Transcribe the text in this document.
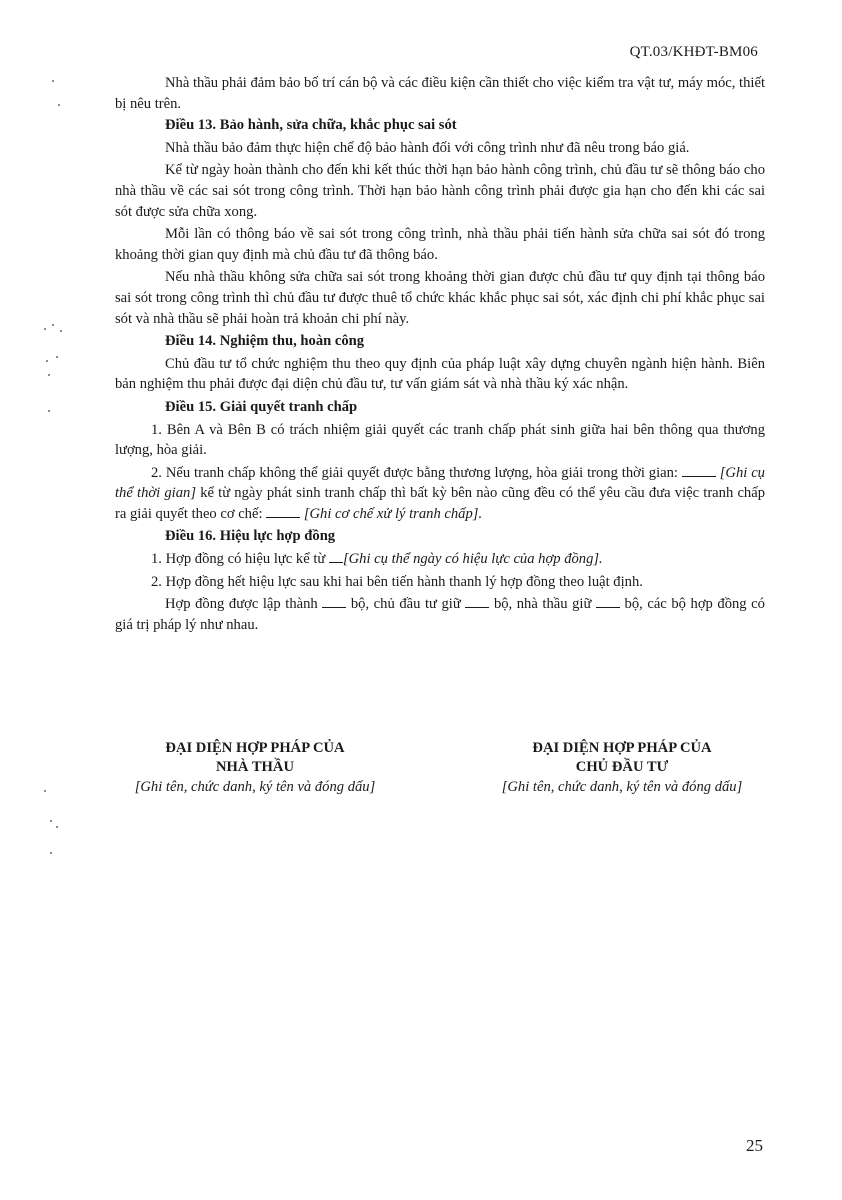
QT.03/KHĐT-BM06

Nhà thầu phải đảm bảo bố trí cán bộ và các điều kiện cần thiết cho việc kiểm tra vật tư, máy móc, thiết bị nêu trên.

Điều 13. Bảo hành, sửa chữa, khắc phục sai sót

Nhà thầu bảo đảm thực hiện chế độ bảo hành đối với công trình như đã nêu trong báo giá.

Kể từ ngày hoàn thành cho đến khi kết thúc thời hạn bảo hành công trình, chủ đầu tư sẽ thông báo cho nhà thầu về các sai sót trong công trình. Thời hạn bảo hành công trình phải được gia hạn cho đến khi các sai sót được sửa chữa xong.

Mỗi lần có thông báo về sai sót trong công trình, nhà thầu phải tiến hành sửa chữa sai sót đó trong khoảng thời gian quy định mà chủ đầu tư đã thông báo.

Nếu nhà thầu không sửa chữa sai sót trong khoảng thời gian được chủ đầu tư quy định tại thông báo sai sót trong công trình thì chủ đầu tư được thuê tổ chức khác khắc phục sai sót, xác định chi phí khắc phục sai sót và nhà thầu sẽ phải hoàn trả khoản chi phí này.

Điều 14. Nghiệm thu, hoàn công

Chủ đầu tư tổ chức nghiệm thu theo quy định của pháp luật xây dựng chuyên ngành hiện hành. Biên bản nghiệm thu phải được đại diện chủ đầu tư, tư vấn giám sát và nhà thầu ký xác nhận.

Điều 15. Giải quyết tranh chấp

1. Bên A và Bên B có trách nhiệm giải quyết các tranh chấp phát sinh giữa hai bên thông qua thương lượng, hòa giải.

2. Nếu tranh chấp không thể giải quyết được bằng thương lượng, hòa giải trong thời gian:	[Ghi cụ thể thời gian] kể từ ngày phát sinh tranh chấp thì bất kỳ bên nào cũng đều có thể yêu cầu đưa việc tranh chấp ra giải quyết theo cơ chế:	[Ghi cơ chế xử lý tranh chấp].

Điều 16. Hiệu lực hợp đồng

1. Hợp đồng có hiệu lực kể từ [Ghi cụ thể ngày có hiệu lực của hợp đồng].

2. Hợp đồng hết hiệu lực sau khi hai bên tiến hành thanh lý hợp đồng theo luật định.

Hợp đồng được lập thành bộ, chủ đầu tư giữ bộ, nhà thầu giữ bộ, các bộ hợp đồng có giá trị pháp lý như nhau.

ĐẠI DIỆN HỢP PHÁP CỦA
NHÀ THẦU
[Ghi tên, chức danh, ký tên và đóng dấu]
ĐẠI DIỆN HỢP PHÁP CỦA
CHỦ ĐẦU TƯ
[Ghi tên, chức danh, ký tên và đóng dấu]
25
